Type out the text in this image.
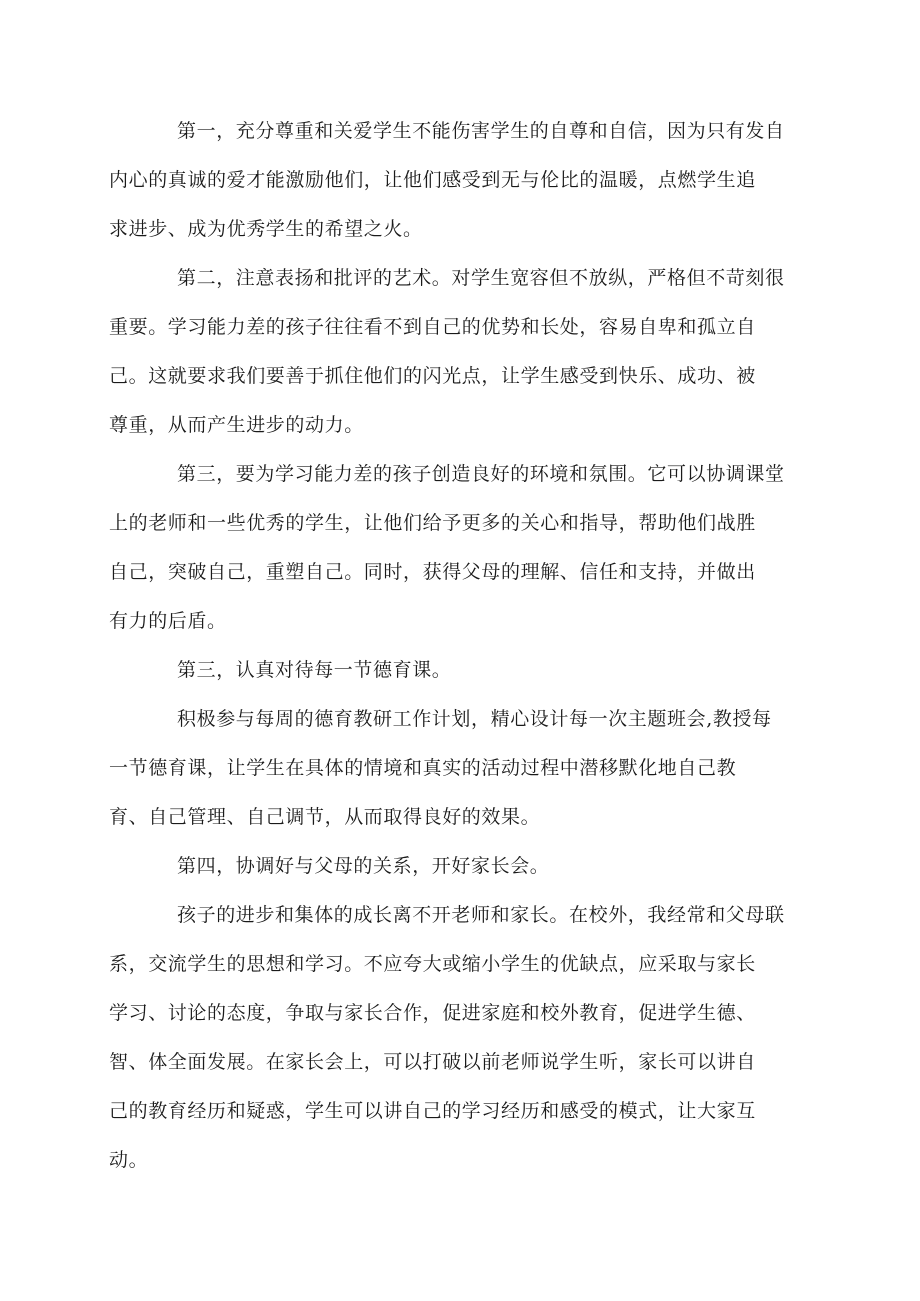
第一，充分尊重和关爱学生不能伤害学生的自尊和自信，因为只有发自

内心的真诚的爱才能激励他们，让他们感受到无与伦比的温暖，点燃学生追

求进步、成为优秀学生的希望之火。

第二，注意表扬和批评的艺术。对学生宽容但不放纵，严格但不苛刻很

重要。学习能力差的孩子往往看不到自己的优势和长处，容易自卑和孤立自

己。这就要求我们要善于抓住他们的闪光点，让学生感受到快乐、成功、被

尊重，从而产生进步的动力。

第三，要为学习能力差的孩子创造良好的环境和氛围。它可以协调课堂

上的老师和一些优秀的学生，让他们给予更多的关心和指导，帮助他们战胜

自己，突破自己，重塑自己。同时，获得父母的理解、信任和支持，并做出

有力的后盾。

第三，认真对待每一节德育课。

积极参与每周的德育教研工作计划，精心设计每一次主题班会,教授每

一节德育课，让学生在具体的情境和真实的活动过程中潜移默化地自己教

育、自己管理、自己调节，从而取得良好的效果。

第四，协调好与父母的关系，开好家长会。

孩子的进步和集体的成长离不开老师和家长。在校外，我经常和父母联

系，交流学生的思想和学习。不应夸大或缩小学生的优缺点，应采取与家长

学习、讨论的态度，争取与家长合作，促进家庭和校外教育，促进学生德、

智、体全面发展。在家长会上，可以打破以前老师说学生听，家长可以讲自

己的教育经历和疑惑，学生可以讲自己的学习经历和感受的模式，让大家互

动。
